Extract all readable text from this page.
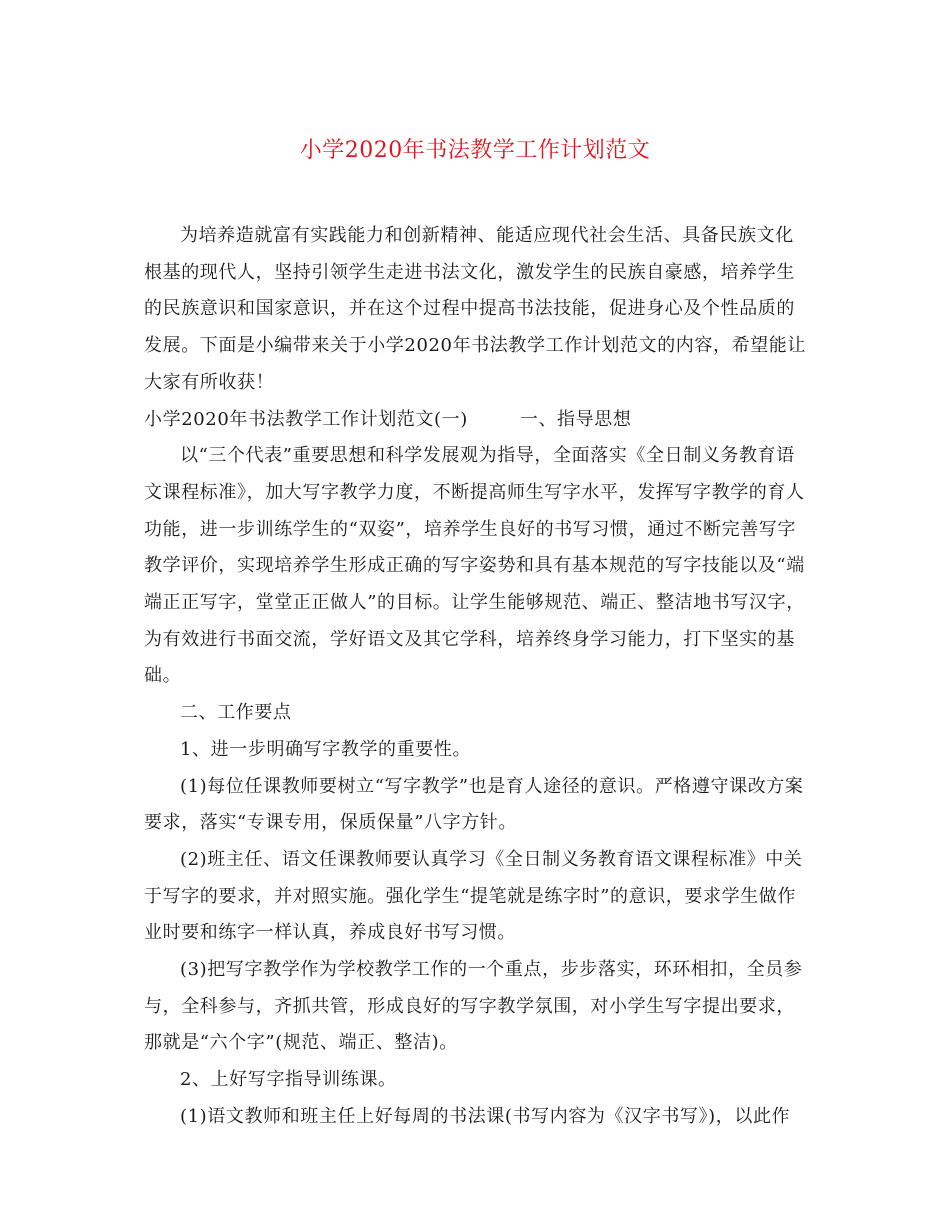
小学2020年书法教学工作计划范文

为培养造就富有实践能力和创新精神、能适应现代社会生活、具备民族文化根基的现代人，坚持引领学生走进书法文化，激发学生的民族自豪感，培养学生的民族意识和国家意识，并在这个过程中提高书法技能，促进身心及个性品质的发展。下面是小编带来关于小学2020年书法教学工作计划范文的内容，希望能让大家有所收获！

小学2020年书法教学工作计划范文(一)	一、指导思想

以“三个代表”重要思想和科学发展观为指导，全面落实《全日制义务教育语文课程标准》，加大写字教学力度，不断提高师生写字水平，发挥写字教学的育人功能，进一步训练学生的“双姿”，培养学生良好的书写习惯，通过不断完善写字教学评价，实现培养学生形成正确的写字姿势和具有基本规范的写字技能以及“端端正正写字，堂堂正正做人”的目标。让学生能够规范、端正、整洁地书写汉字，为有效进行书面交流，学好语文及其它学科，培养终身学习能力，打下坚实的基础。

二、工作要点

1、进一步明确写字教学的重要性。

(1)每位任课教师要树立“写字教学”也是育人途径的意识。严格遵守课改方案要求，落实“专课专用，保质保量”八字方针。

(2)班主任、语文任课教师要认真学习《全日制义务教育语文课程标准》中关于写字的要求，并对照实施。强化学生“提笔就是练字时”的意识，要求学生做作业时要和练字一样认真，养成良好书写习惯。

(3)把写字教学作为学校教学工作的一个重点，步步落实，环环相扣，全员参与，全科参与，齐抓共管，形成良好的写字教学氛围，对小学生写字提出要求，那就是“六个字”(规范、端正、整洁)。

2、上好写字指导训练课。

(1)语文教师和班主任上好每周的书法课(书写内容为《汉字书写》)，以此作
